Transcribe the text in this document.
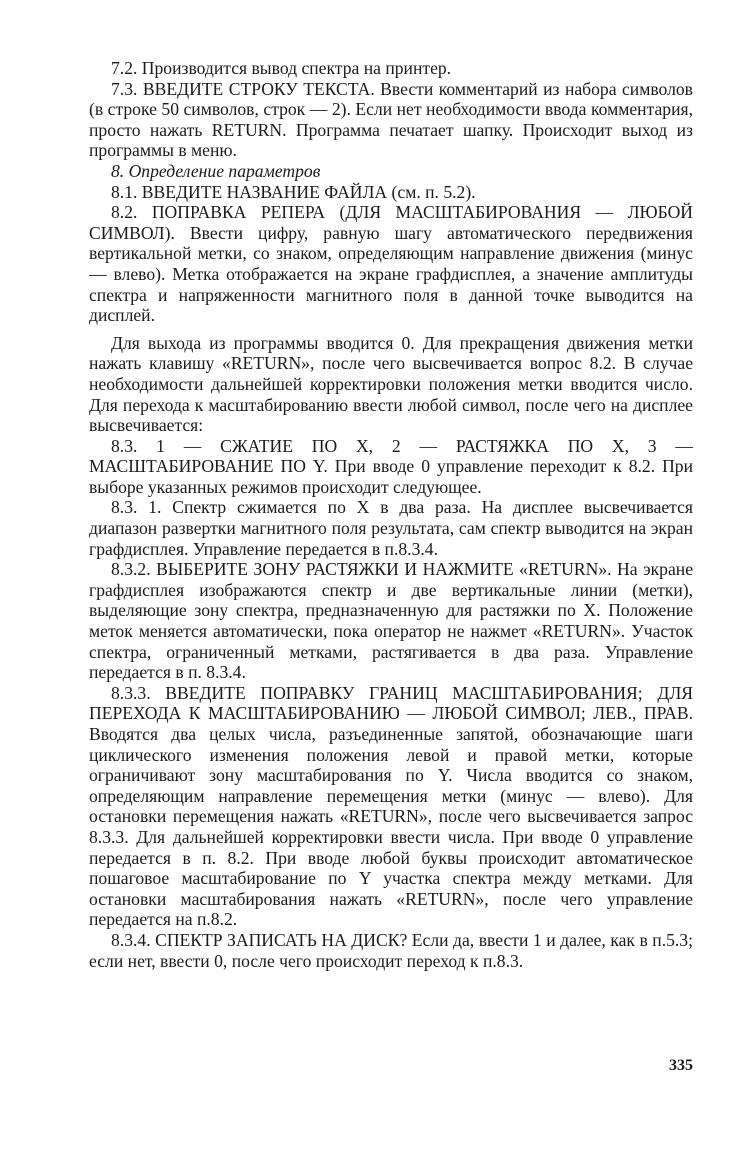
7.2. Производится вывод спектра на принтер.

7.3. ВВЕДИТЕ СТРОКУ ТЕКСТА. Ввести комментарий из набора символов (в строке 50 символов, строк — 2). Если нет необходимости ввода комментария, просто нажать RETURN. Программа печатает шапку. Происходит выход из программы в меню.

8. Определение параметров

8.1. ВВЕДИТЕ НАЗВАНИЕ ФАЙЛА (см. п. 5.2).

8.2. ПОПРАВКА РЕПЕРА (ДЛЯ МАСШТАБИРОВАНИЯ — ЛЮБОЙ СИМВОЛ). Ввести цифру, равную шагу автоматического передвижения вертикальной метки, со знаком, определяющим направление движения (минус — влево). Метка отображается на экране графдисплея, а значение амплитуды спектра и напряженности магнитного поля в данной точке выводится на дисплей.

Для выхода из программы вводится 0. Для прекращения движения метки нажать клавишу «RETURN», после чего высвечивается вопрос 8.2. В случае необходимости дальнейшей корректировки положения метки вводится число. Для перехода к масштабированию ввести любой символ, после чего на дисплее высвечивается:

8.3. 1 — СЖАТИЕ ПО X, 2 — РАСТЯЖКА ПО X, 3 — МАСШТАБИРОВАНИЕ ПО Y. При вводе 0 управление переходит к 8.2. При выборе указанных режимов происходит следующее.

8.3. 1. Спектр сжимается по X в два раза. На дисплее высвечивается диапазон развертки магнитного поля результата, сам спектр выводится на экран графдисплея. Управление передается в п.8.3.4.

8.3.2. ВЫБЕРИТЕ ЗОНУ РАСТЯЖКИ И НАЖМИТЕ «RETURN». На экране графдисплея изображаются спектр и две вертикальные линии (метки), выделяющие зону спектра, предназначенную для растяжки по X. Положение меток меняется автоматически, пока оператор не нажмет «RETURN». Участок спектра, ограниченный метками, растягивается в два раза. Управление передается в п. 8.3.4.

8.3.3. ВВЕДИТЕ ПОПРАВКУ ГРАНИЦ МАСШТАБИРОВАНИЯ; ДЛЯ ПЕРЕХОДА К МАСШТАБИРОВАНИЮ — ЛЮБОЙ СИМВОЛ; ЛЕВ., ПРАВ. Вводятся два целых числа, разъединенные запятой, обозначающие шаги циклического изменения положения левой и правой метки, которые ограничивают зону масштабирования по Y. Числа вводится со знаком, определяющим направление перемещения метки (минус — влево). Для остановки перемещения нажать «RETURN», после чего высвечивается запрос 8.3.3. Для дальнейшей корректировки ввести числа. При вводе 0 управление передается в п. 8.2. При вводе любой буквы происходит автоматическое пошаговое масштабирование по Y участка спектра между метками. Для остановки масштабирования нажать «RETURN», после чего управление передается на п.8.2.

8.3.4. СПЕКТР ЗАПИСАТЬ НА ДИСК? Если да, ввести 1 и далее, как в п.5.3; если нет, ввести 0, после чего происходит переход к п.8.3.

335
